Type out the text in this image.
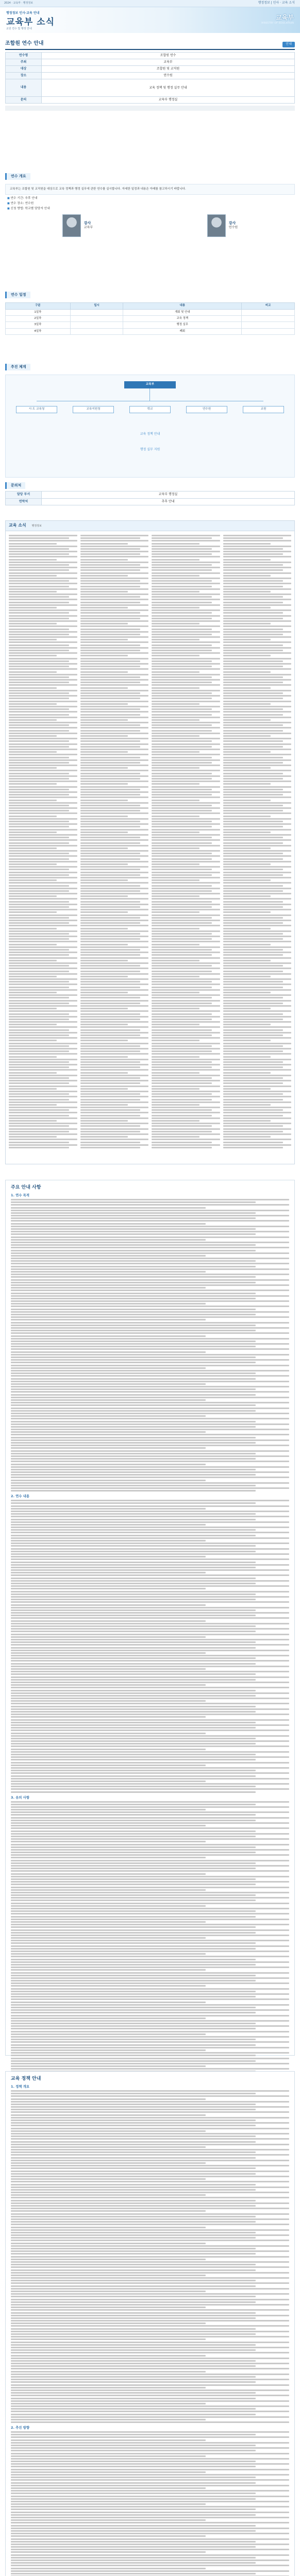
2024 · 교육부 · 행정정보	행정정보 | 인사 · 교육 소식
행정정보 인사·교육 안내
교육부 소식
교원 연수 및 행정 안내
교육부
MINISTRY OF EDUCATION
조합원 연수 안내	안내
연수명	조합원 연수
주최	교육부
대상	조합원 및 교직원
장소	연수원
내용	교육 정책 및 행정 실무 안내
문의	교육부 행정실
연수 개요
교육부는 조합원 및 교직원을 대상으로 교육 정책과 행정 실무에 관한 연수를 실시합니다. 자세한 일정과 내용은 아래를 참고하시기 바랍니다.
■ 연수 기간: 추후 안내
■ 연수 장소: 연수원
■ 신청 방법: 학교별 담당자 안내
강사
교육부
강사
연수원
연수 일정
구분	일시	내용	비고
1일차		개회 및 안내	
2일차		교육 정책	
3일차		행정 실무	
4일차		폐회	
추진 체계
교육부
시·도 교육청	교육지원청	학교	연수원	교원
교육 정책 안내
행정 실무 지원
문의처
담당 부서	교육부 행정실
연락처	추후 안내
교육 소식 행정정보
주요 안내 사항
1. 연수 목적
2. 연수 내용
3. 유의 사항
교육 정책 안내
1. 정책 개요
2. 추진 방향
